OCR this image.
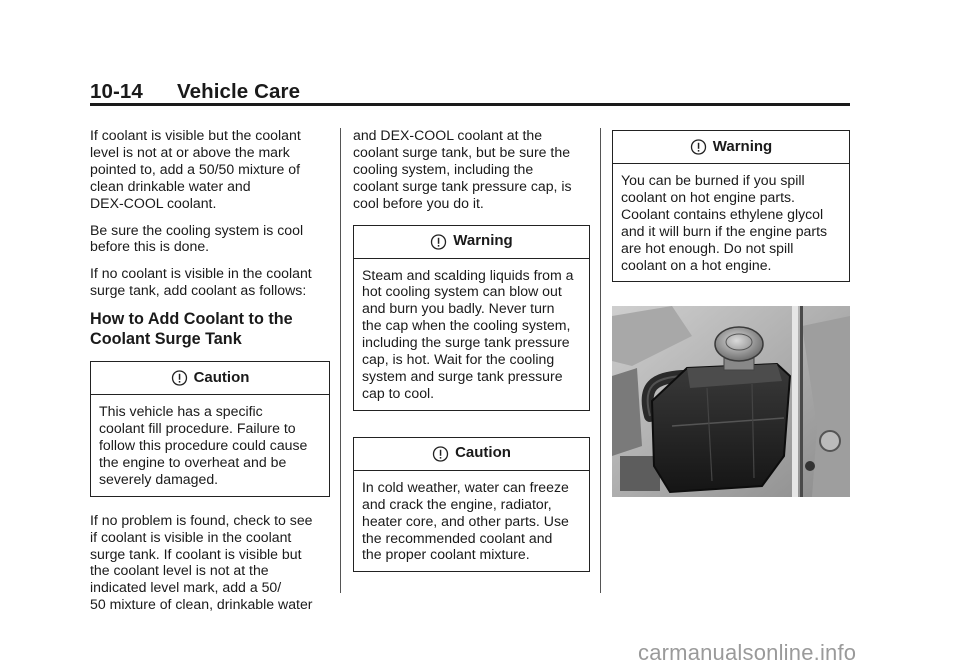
10-14 Vehicle Care

If coolant is visible but the coolant
level is not at or above the mark
pointed to, add a 50/50 mixture of
clean drinkable water and
DEX-COOL coolant.

Be sure the cooling system is cool
before this is done.

If no coolant is visible in the coolant
surge tank, add coolant as follows:

How to Add Coolant to the
Coolant Surge Tank
Caution
This vehicle has a specific
coolant fill procedure. Failure to
follow this procedure could cause
the engine to overheat and be
severely damaged.

If no problem is found, check to see
if coolant is visible in the coolant
surge tank. If coolant is visible but
the coolant level is not at the
indicated level mark, add a 50/
50 mixture of clean, drinkable water

and DEX-COOL coolant at the
coolant surge tank, but be sure the
cooling system, including the
coolant surge tank pressure cap, is
cool before you do it.

Warning
Steam and scalding liquids from a
hot cooling system can blow out
and burn you badly. Never turn
the cap when the cooling system,
including the surge tank pressure
cap, is hot. Wait for the cooling
system and surge tank pressure
cap to cool.
Caution
In cold weather, water can freeze
and crack the engine, radiator,
heater core, and other parts. Use
the recommended coolant and
the proper coolant mixture.
Warning
You can be burned if you spill
coolant on hot engine parts.
Coolant contains ethylene glycol
and it will burn if the engine parts
are hot enough. Do not spill
coolant on a hot engine.
carmanualsonline.info
